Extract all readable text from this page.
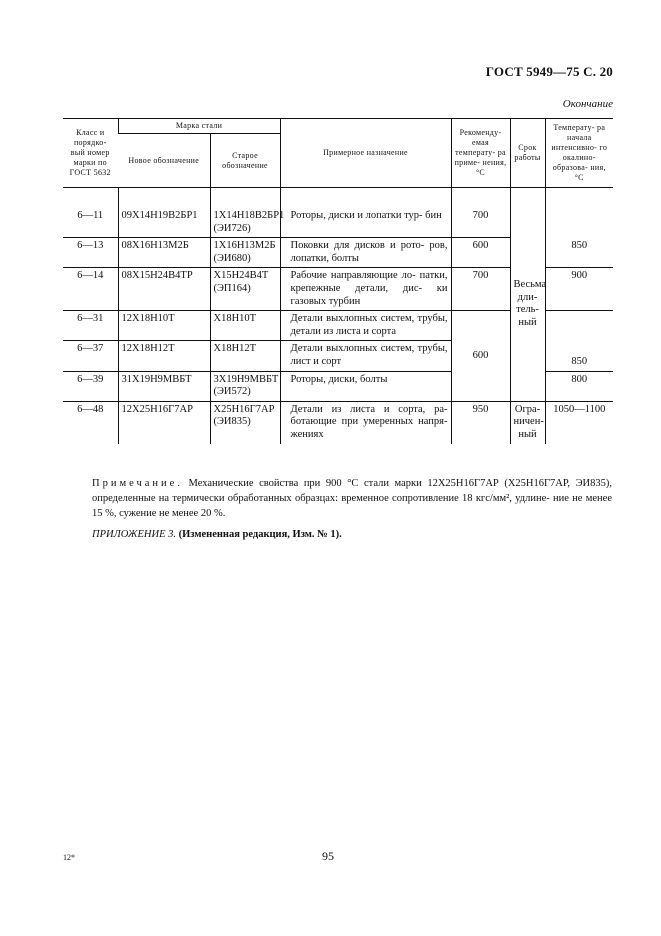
ГОСТ 5949—75 С. 20
Окончание
Класс и порядко- вый номер марки по ГОСТ 5632	Марка стали		Примерное назначение	Рекоменду- емая температу- ра приме- нения, °С	Срок работы	Температу- ра начала интенсивно- го окалино- образова- ния, °С
	Новое обозначение	Старое обозначение				

6—11	09Х14Н19В2БР1	1Х14Н18В2БР1 (ЭИ726)	Роторы, диски и лопатки тур- бин	700	Весьма дли- тель- ный	
6—13	08Х16Н13М2Б	1Х16Н13М2Б (ЭИ680)	Поковки для дисков и рото- ров, лопатки, болты	600		850
6—14	08Х15Н24В4ТР	Х15Н24В4Т (ЭП164)	Рабочие направляющие ло- патки, крепежные детали, дис- ки газовых турбин	700		900
6—31	12Х18Н10Т	Х18Н10Т	Детали выхлопных систем, трубы, детали из листа и сорта	600		
6—37	12Х18Н12Т	Х18Н12Т	Детали выхлопных систем, трубы, лист и сорт			850
6—39	31Х19Н9МВБТ	3Х19Н9МВБТ (ЭИ572)	Роторы, диски, болты			800
6—48	12Х25Н16Г7АР	Х25Н16Г7АР (ЭИ835)	Детали из листа и сорта, ра- ботающие при умеренных напря- жениях	950	Огра- ничен- ный	1050—1100
Примечание. Механические свойства при 900 °С стали марки 12Х25Н16Г7АР (Х25Н16Г7АР, ЭИ835), определенные на термически обработанных образцах: временное сопротивление 18 кгс/мм², удлине- ние не менее 15 %, сужение не менее 20 %.
ПРИЛОЖЕНИЕ 3. (Измененная редакция, Изм. № 1).
12*	95
